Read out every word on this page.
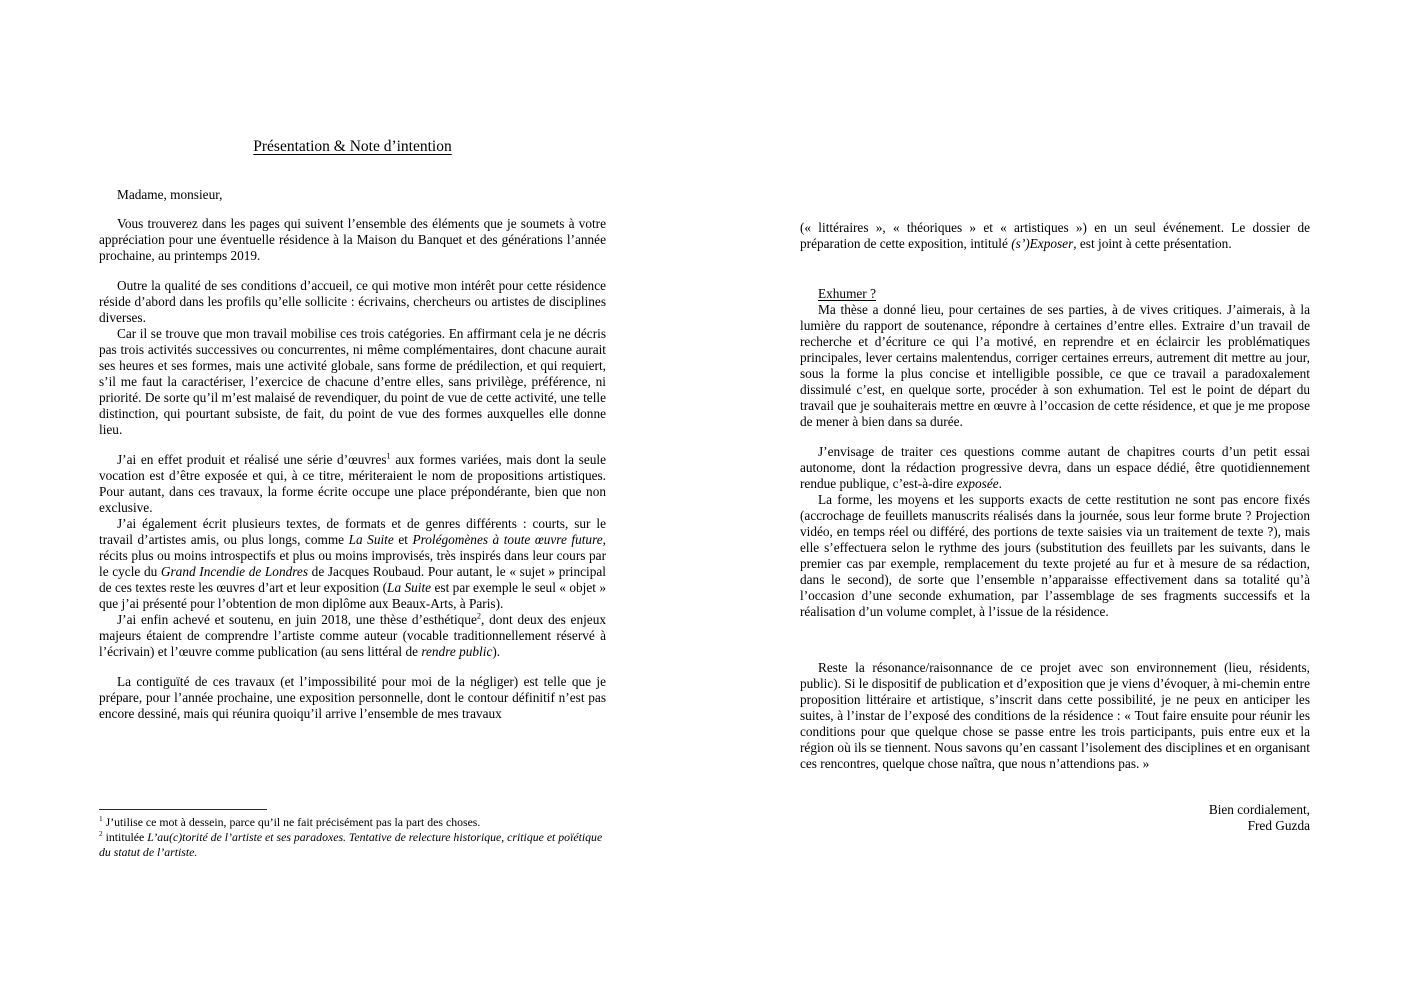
Présentation & Note d’intention

Madame, monsieur,

Vous trouverez dans les pages qui suivent l’ensemble des éléments que je soumets à votre appréciation pour une éventuelle résidence à la Maison du Banquet et des générations l’année prochaine, au printemps 2019.

Outre la qualité de ses conditions d’accueil, ce qui motive mon intérêt pour cette résidence réside d’abord dans les profils qu’elle sollicite : écrivains, chercheurs ou artistes de disciplines diverses.

Car il se trouve que mon travail mobilise ces trois catégories. En affirmant cela je ne décris pas trois activités successives ou concurrentes, ni même complémentaires, dont chacune aurait ses heures et ses formes, mais une activité globale, sans forme de prédilection, et qui requiert, s’il me faut la caractériser, l’exercice de chacune d’entre elles, sans privilège, préférence, ni priorité. De sorte qu’il m’est malaisé de revendiquer, du point de vue de cette activité, une telle distinction, qui pourtant subsiste, de fait, du point de vue des formes auxquelles elle donne lieu.

J’ai en effet produit et réalisé une série d’œuvres$^1$ aux formes variées, mais dont la seule vocation est d’être exposée et qui, à ce titre, mériteraient le nom de propositions artistiques. Pour autant, dans ces travaux, la forme écrite occupe une place prépondérante, bien que non exclusive.

J’ai également écrit plusieurs textes, de formats et de genres différents : courts, sur le travail d’artistes amis, ou plus longs, comme La Suite et Prolégomènes à toute œuvre future, récits plus ou moins introspectifs et plus ou moins improvisés, très inspirés dans leur cours par le cycle du Grand Incendie de Londres de Jacques Roubaud. Pour autant, le « sujet » principal de ces textes reste les œuvres d’art et leur exposition (La Suite est par exemple le seul « objet » que j’ai présenté pour l’obtention de mon diplôme aux Beaux-Arts, à Paris).

J’ai enfin achevé et soutenu, en juin 2018, une thèse d’esthétique$^2$, dont deux des enjeux majeurs étaient de comprendre l’artiste comme auteur (vocable traditionnellement réservé à l’écrivain) et l’œuvre comme publication (au sens littéral de rendre public).

La contiguïté de ces travaux (et l’impossibilité pour moi de la négliger) est telle que je prépare, pour l’année prochaine, une exposition personnelle, dont le contour définitif n’est pas encore dessiné, mais qui réunira quoiqu’il arrive l’ensemble de mes travaux

$^1$ J’utilise ce mot à dessein, parce qu’il ne fait précisément pas la part des choses.

$^2$ intitulée L’au(c)torité de l’artiste et ses paradoxes. Tentative de relecture historique, critique et poïétique du statut de l’artiste.

(« littéraires », « théoriques » et « artistiques ») en un seul événement. Le dossier de préparation de cette exposition, intitulé (s’)Exposer, est joint à cette présentation.

Exhumer ?

Ma thèse a donné lieu, pour certaines de ses parties, à de vives critiques. J’aimerais, à la lumière du rapport de soutenance, répondre à certaines d’entre elles. Extraire d’un travail de recherche et d’écriture ce qui l’a motivé, en reprendre et en éclaircir les problématiques principales, lever certains malentendus, corriger certaines erreurs, autrement dit mettre au jour, sous la forme la plus concise et intelligible possible, ce que ce travail a paradoxalement dissimulé c’est, en quelque sorte, procéder à son exhumation. Tel est le point de départ du travail que je souhaiterais mettre en œuvre à l’occasion de cette résidence, et que je me propose de mener à bien dans sa durée.

J’envisage de traiter ces questions comme autant de chapitres courts d’un petit essai autonome, dont la rédaction progressive devra, dans un espace dédié, être quotidiennement rendue publique, c’est-à-dire exposée.

La forme, les moyens et les supports exacts de cette restitution ne sont pas encore fixés (accrochage de feuillets manuscrits réalisés dans la journée, sous leur forme brute ? Projection vidéo, en temps réel ou différé, des portions de texte saisies via un traitement de texte ?), mais elle s’effectuera selon le rythme des jours (substitution des feuillets par les suivants, dans le premier cas par exemple, remplacement du texte projeté au fur et à mesure de sa rédaction, dans le second), de sorte que l’ensemble n’apparaisse effectivement dans sa totalité qu’à l’occasion d’une seconde exhumation, par l’assemblage de ses fragments successifs et la réalisation d’un volume complet, à l’issue de la résidence.

Reste la résonance/raisonnance de ce projet avec son environnement (lieu, résidents, public). Si le dispositif de publication et d’exposition que je viens d’évoquer, à mi-chemin entre proposition littéraire et artistique, s’inscrit dans cette possibilité, je ne peux en anticiper les suites, à l’instar de l’exposé des conditions de la résidence : « Tout faire ensuite pour réunir les conditions pour que quelque chose se passe entre les trois participants, puis entre eux et la région où ils se tiennent. Nous savons qu’en cassant l’isolement des disciplines et en organisant ces rencontres, quelque chose naîtra, que nous n’attendions pas. »

Bien cordialement,
Fred Guzda
